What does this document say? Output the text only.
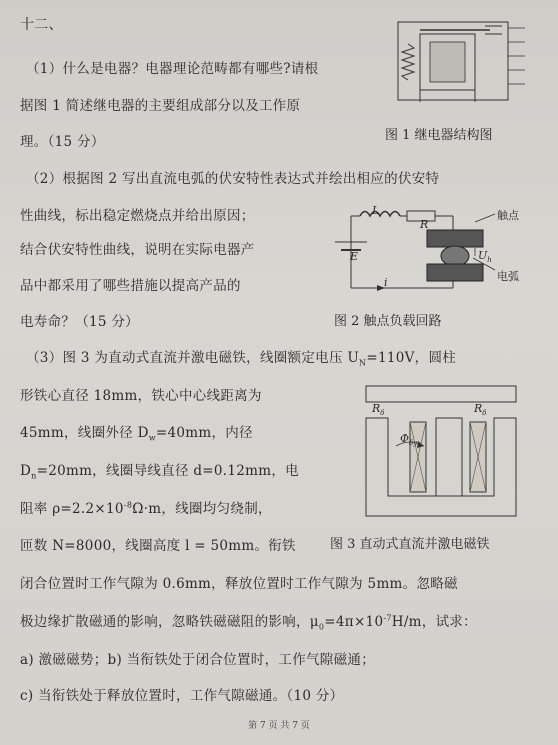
十二、
（1）什么是电器？电器理论范畴都有哪些?请根
据图 1 简述继电器的主要组成部分以及工作原
理。（15 分）	图 1 继电器结构图
（2）根据图 2 写出直流电弧的伏安特性表达式并绘出相应的伏安特
性曲线，标出稳定燃烧点并给出原因；
结合伏安特性曲线，说明在实际电器产
品中都采用了哪些措施以提高产品的
电寿命？（15 分）
L
R
E
i
$U_h$
触点
电弧
图 2 触点负载回路
（3）图 3 为直动式直流并激电磁铁，线圈额定电压 $U_N=110V$，圆柱
形铁心直径 18mm，铁心中心线距离为
45mm，线圈外径 $D_w=40mm$，内径
$D_n=20mm$，线圈导线直径 d=0.12mm，电
阻率 $\rho=2.2\times 10^{-8}\Omega\cdot m$，线圈均匀绕制，
匝数 N=8000，线圈高度 l = 50mm。衔铁
$R_\delta$	$R_\delta$
$\Phi_{\delta y}$
图 3 直动式直流并激电磁铁
闭合位置时工作气隙为 0.6mm，释放位置时工作气隙为 5mm。忽略磁
极边缘扩散磁通的影响，忽略铁磁磁阻的影响，$\mu_0=4\pi\times 10^{-7}H/m$，试求：
a) 激磁磁势；b) 当衔铁处于闭合位置时，工作气隙磁通；
c) 当衔铁处于释放位置时，工作气隙磁通。（10 分）
第 7 页 共 7 页
